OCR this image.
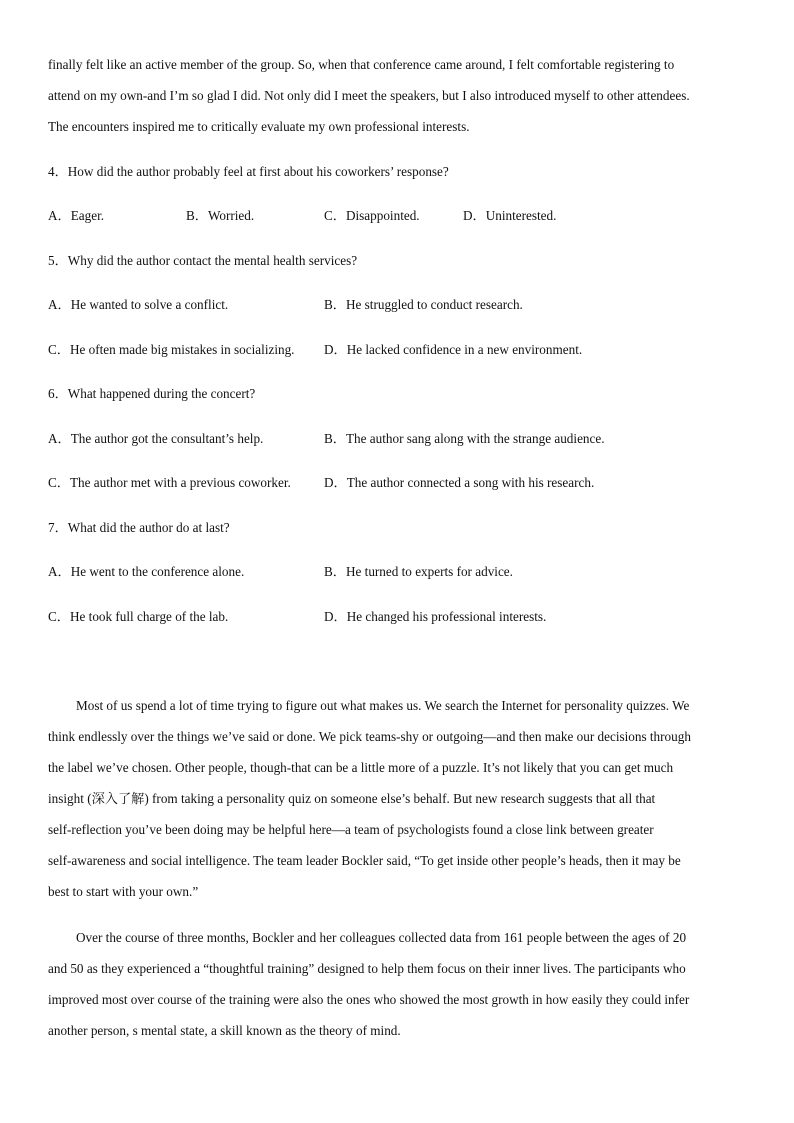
finally felt like an active member of the group. So, when that conference came around, I felt comfortable registering to
attend on my own-and I’m so glad I did. Not only did I meet the speakers, but I also introduced myself to other attendees.
The encounters inspired me to critically evaluate my own professional interests.
4．How did the author probably feel at first about his coworkers’ response?
A．Eager.	B．Worried.	C．Disappointed.	D．Uninterested.
5．Why did the author contact the mental health services?
A．He wanted to solve a conflict.	B．He struggled to conduct research.
C．He often made big mistakes in socializing. D．He lacked confidence in a new environment.
6．What happened during the concert?
A．The author got the consultant’s help.	B．The author sang along with the strange audience.
C．The author met with a previous coworker.	D．The author connected a song with his research.
7．What did the author do at last?
A．He went to the conference alone.	B．He turned to experts for advice.
C．He took full charge of the lab.	D．He changed his professional interests.
Most of us spend a lot of time trying to figure out what makes us. We search the Internet for personality quizzes. We
think endlessly over the things we’ve said or done. We pick teams-shy or outgoing—and then make our decisions through
the label we’ve chosen. Other people, though-that can be a little more of a puzzle. It’s not likely that you can get much
insight (深入了解) from taking a personality quiz on someone else’s behalf. But new research suggests that all that
self-reflection you’ve been doing may be helpful here—a team of psychologists found a close link between greater
self-awareness and social intelligence. The team leader Bockler said, “To get inside other people’s heads, then it may be
best to start with your own.”
Over the course of three months, Bockler and her colleagues collected data from 161 people between the ages of 20
and 50 as they experienced a “thoughtful training” designed to help them focus on their inner lives. The participants who
improved most over course of the training were also the ones who showed the most growth in how easily they could infer
another person, s mental state, a skill known as the theory of mind.
